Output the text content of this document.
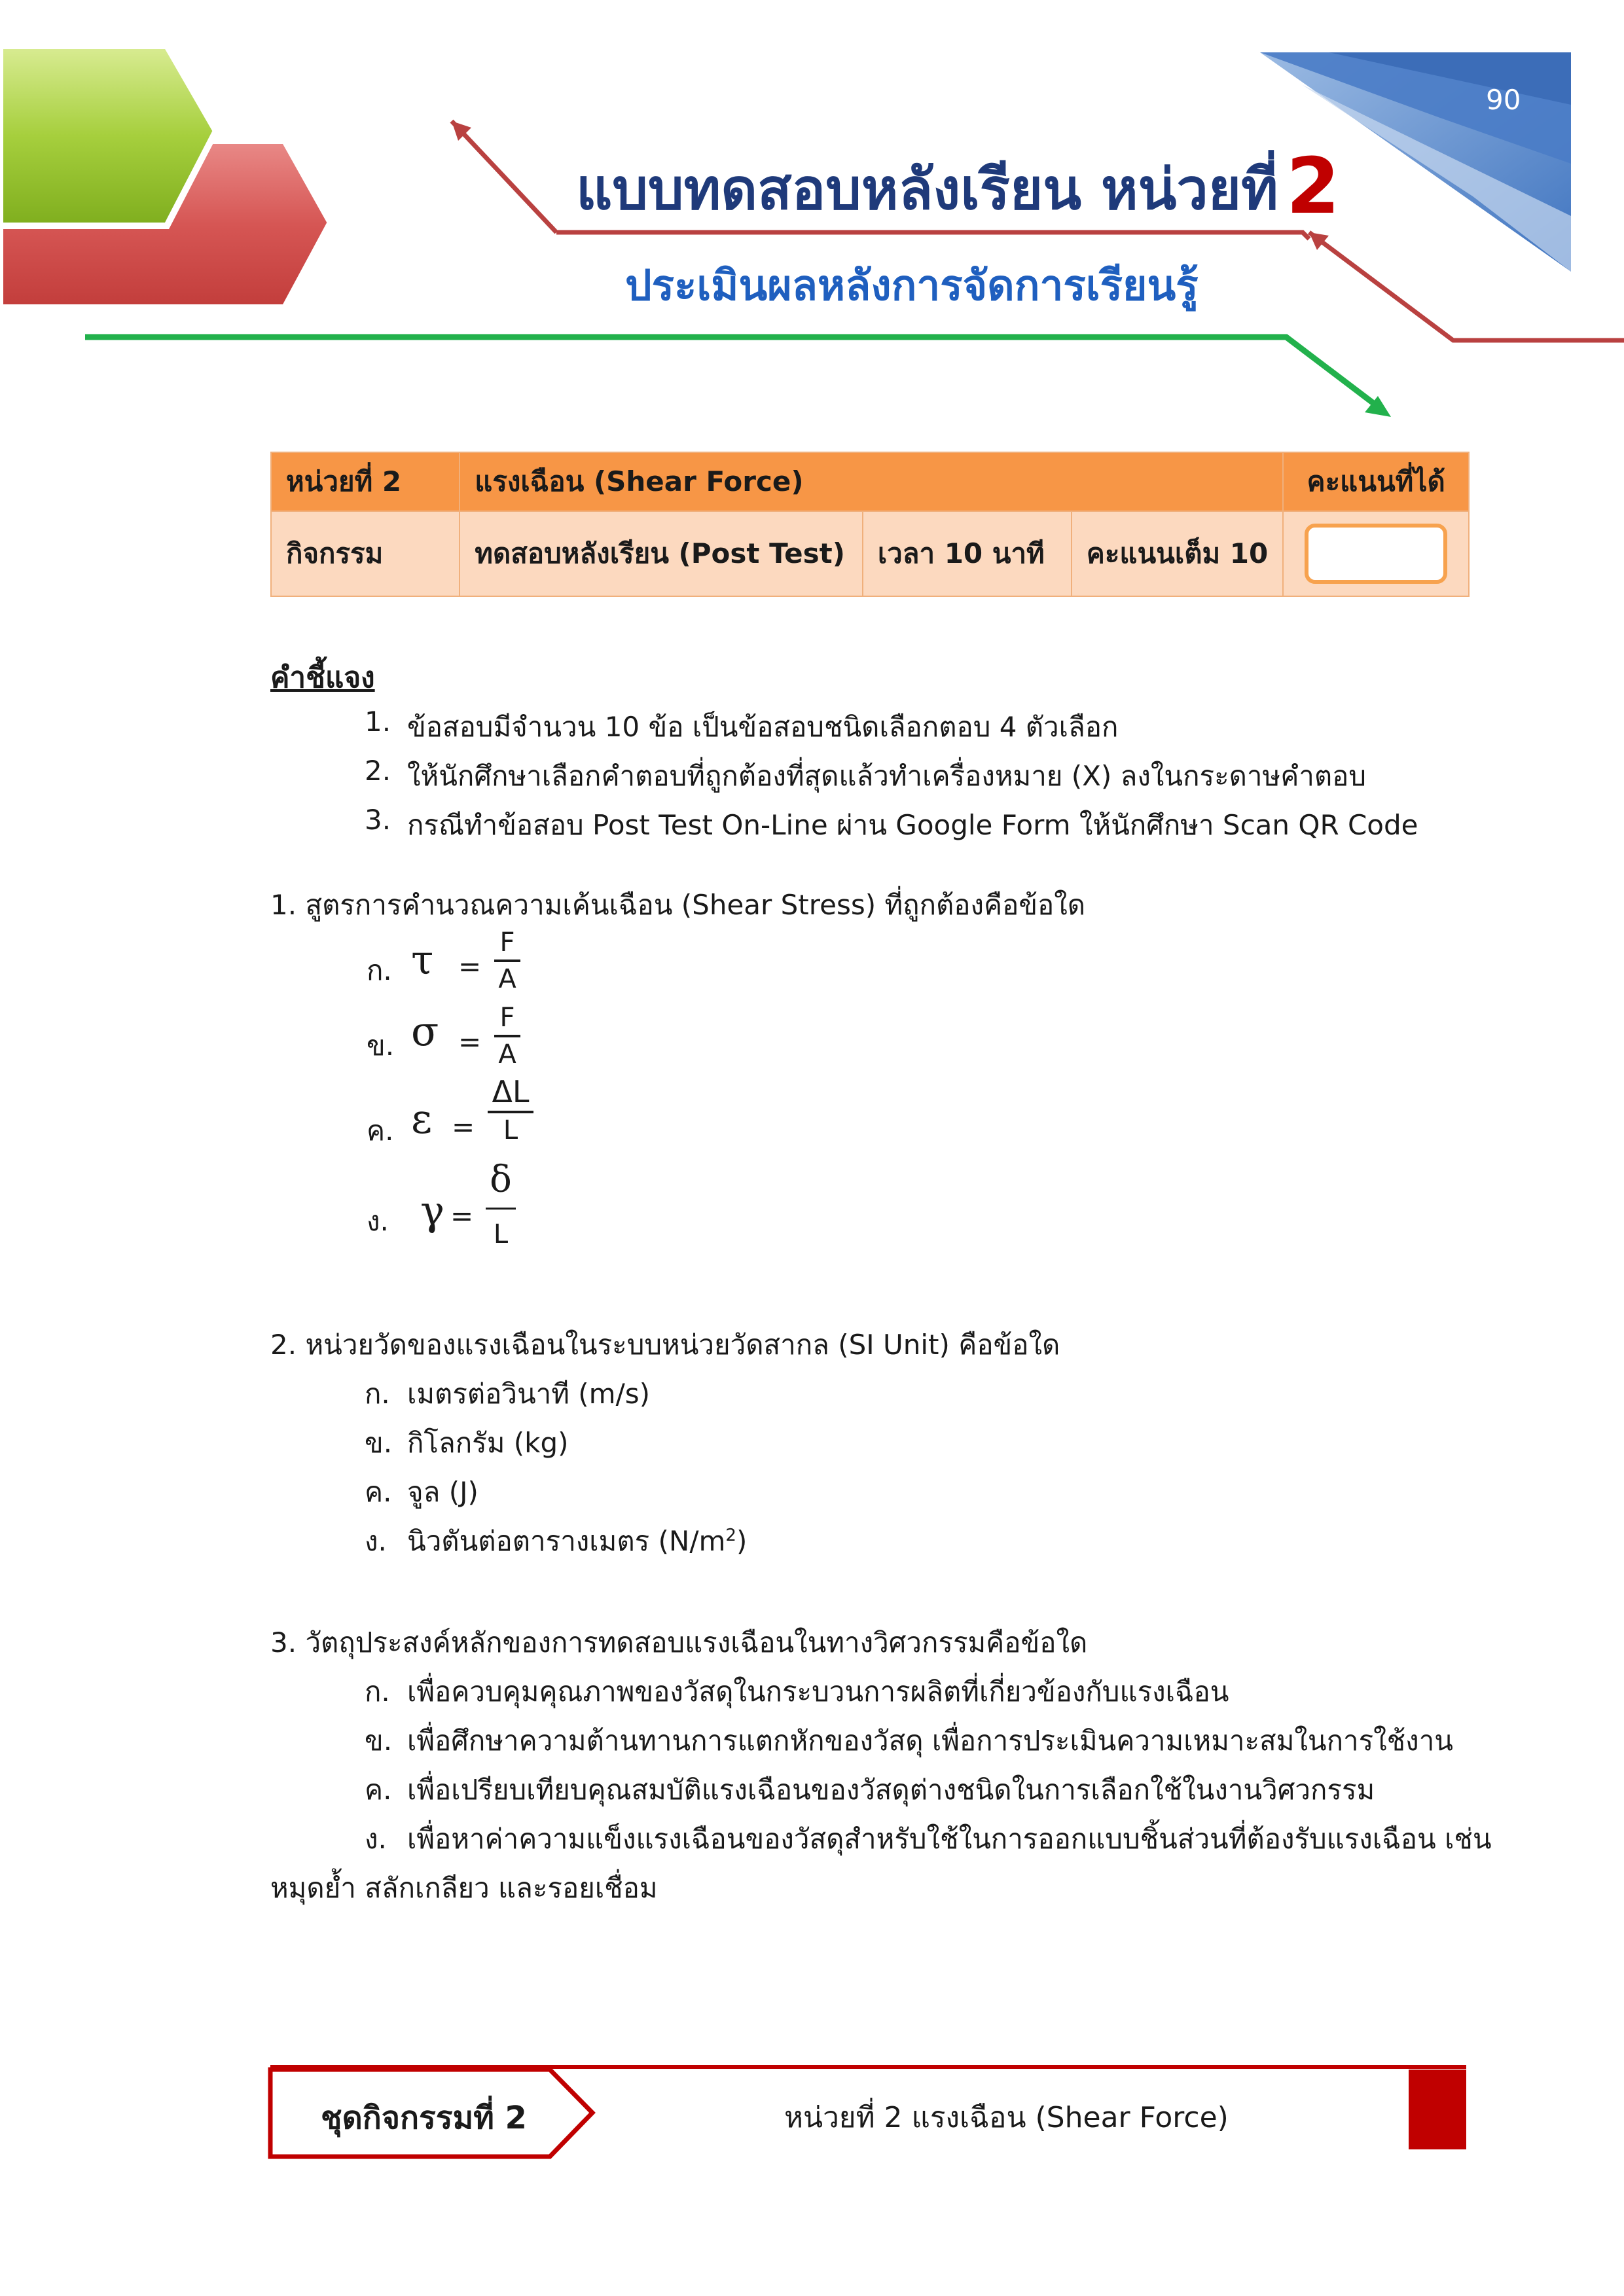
90
แบบทดสอบหลังเรียน หน่วยที่ 2
ประเมินผลหลังการจัดการเรียนรู้
หน่วยที่ 2	แรงเฉือน (Shear Force)			คะแนนที่ได้
กิจกรรม	ทดสอบหลังเรียน (Post Test)	เวลา 10 นาที	คะแนนเต็ม 10	
คำชี้แจง
1. ข้อสอบมีจำนวน 10 ข้อ เป็นข้อสอบชนิดเลือกตอบ 4 ตัวเลือก
2. ให้นักศึกษาเลือกคำตอบที่ถูกต้องที่สุดแล้วทำเครื่องหมาย (X) ลงในกระดาษคำตอบ
3. กรณีทำข้อสอบ Post Test On-Line ผ่าน Google Form ให้นักศึกษา Scan QR Code
1. สูตรการคำนวณความเค้นเฉือน (Shear Stress) ที่ถูกต้องคือข้อใด
ก. τ =
F
A
ข. σ =
F
A
ค. ε =
ΔL
L
ง. γ =
δ
L
2. หน่วยวัดของแรงเฉือนในระบบหน่วยวัดสากล (SI Unit) คือข้อใด
ก. เมตรต่อวินาที (m/s)
ข. กิโลกรัม (kg)
ค. จูล (J)
ง. นิวตันต่อตารางเมตร $(N/m^2)$
3. วัตถุประสงค์หลักของการทดสอบแรงเฉือนในทางวิศวกรรมคือข้อใด
ก. เพื่อควบคุมคุณภาพของวัสดุในกระบวนการผลิตที่เกี่ยวข้องกับแรงเฉือน
ข. เพื่อศึกษาความต้านทานการแตกหักของวัสดุ เพื่อการประเมินความเหมาะสมในการใช้งาน
ค. เพื่อเปรียบเทียบคุณสมบัติแรงเฉือนของวัสดุต่างชนิดในการเลือกใช้ในงานวิศวกรรม
ง. เพื่อหาค่าความแข็งแรงเฉือนของวัสดุสำหรับใช้ในการออกแบบชิ้นส่วนที่ต้องรับแรงเฉือน เช่น
หมุดย้ำ สลักเกลียว และรอยเชื่อม
ชุดกิจกรรมที่ 2	หน่วยที่ 2 แรงเฉือน (Shear Force)
